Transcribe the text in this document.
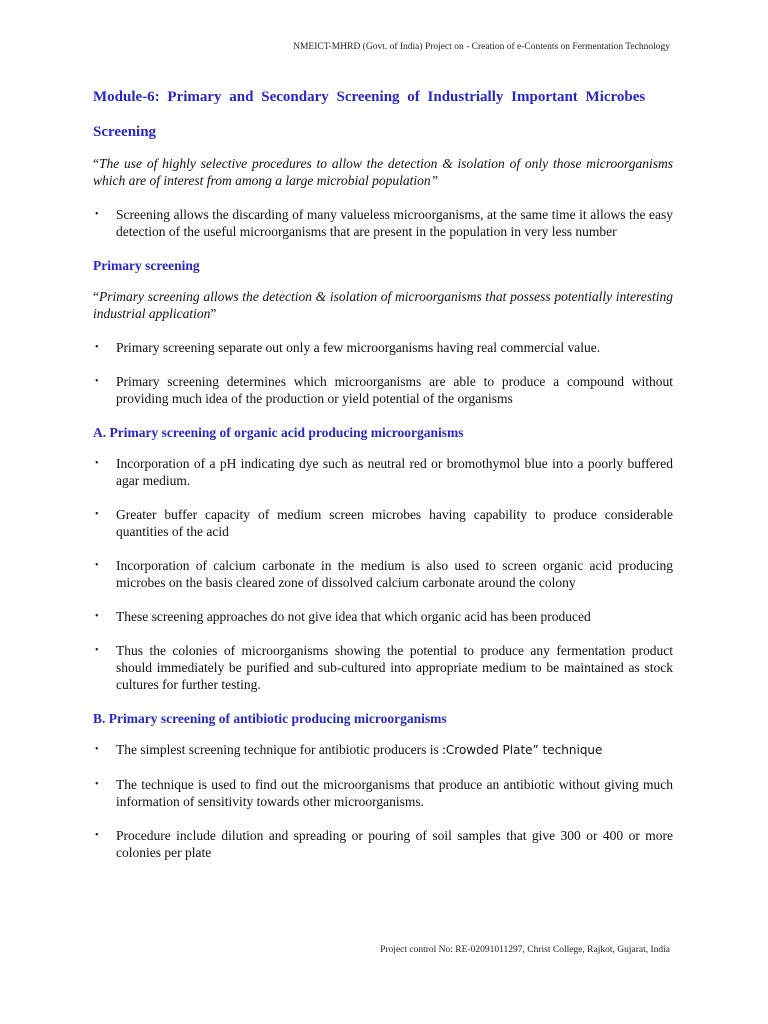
NMEICT-MHRD (Govt. of India) Project on - Creation of e-Contents on Fermentation Technology
Module-6: Primary and Secondary Screening of Industrially Important Microbes
Screening

“The use of highly selective procedures to allow the detection & isolation of only those microorganisms which are of interest from among a large microbial population”

• Screening allows the discarding of many valueless microorganisms, at the same time it allows the easy detection of the useful microorganisms that are present in the population in very less number
Primary screening

“Primary screening allows the detection & isolation of microorganisms that possess potentially interesting industrial application”

• Primary screening separate out only a few microorganisms having real commercial value.
• Primary screening determines which microorganisms are able to produce a compound without providing much idea of the production or yield potential of the organisms
A. Primary screening of organic acid producing microorganisms
• Incorporation of a pH indicating dye such as neutral red or bromothymol blue into a poorly buffered agar medium.
• Greater buffer capacity of medium screen microbes having capability to produce considerable quantities of the acid
• Incorporation of calcium carbonate in the medium is also used to screen organic acid producing microbes on the basis cleared zone of dissolved calcium carbonate around the colony
• These screening approaches do not give idea that which organic acid has been produced
• Thus the colonies of microorganisms showing the potential to produce any fermentation product should immediately be purified and sub-cultured into appropriate medium to be maintained as stock cultures for further testing.
B. Primary screening of antibiotic producing microorganisms
• The simplest screening technique for antibiotic producers is :Crowded Plate” technique
• The technique is used to find out the microorganisms that produce an antibiotic without giving much information of sensitivity towards other microorganisms.
• Procedure include dilution and spreading or pouring of soil samples that give 300 or 400 or more colonies per plate
Project control No: RE-02091011297, Christ College, Rajkot, Gujarat, India
